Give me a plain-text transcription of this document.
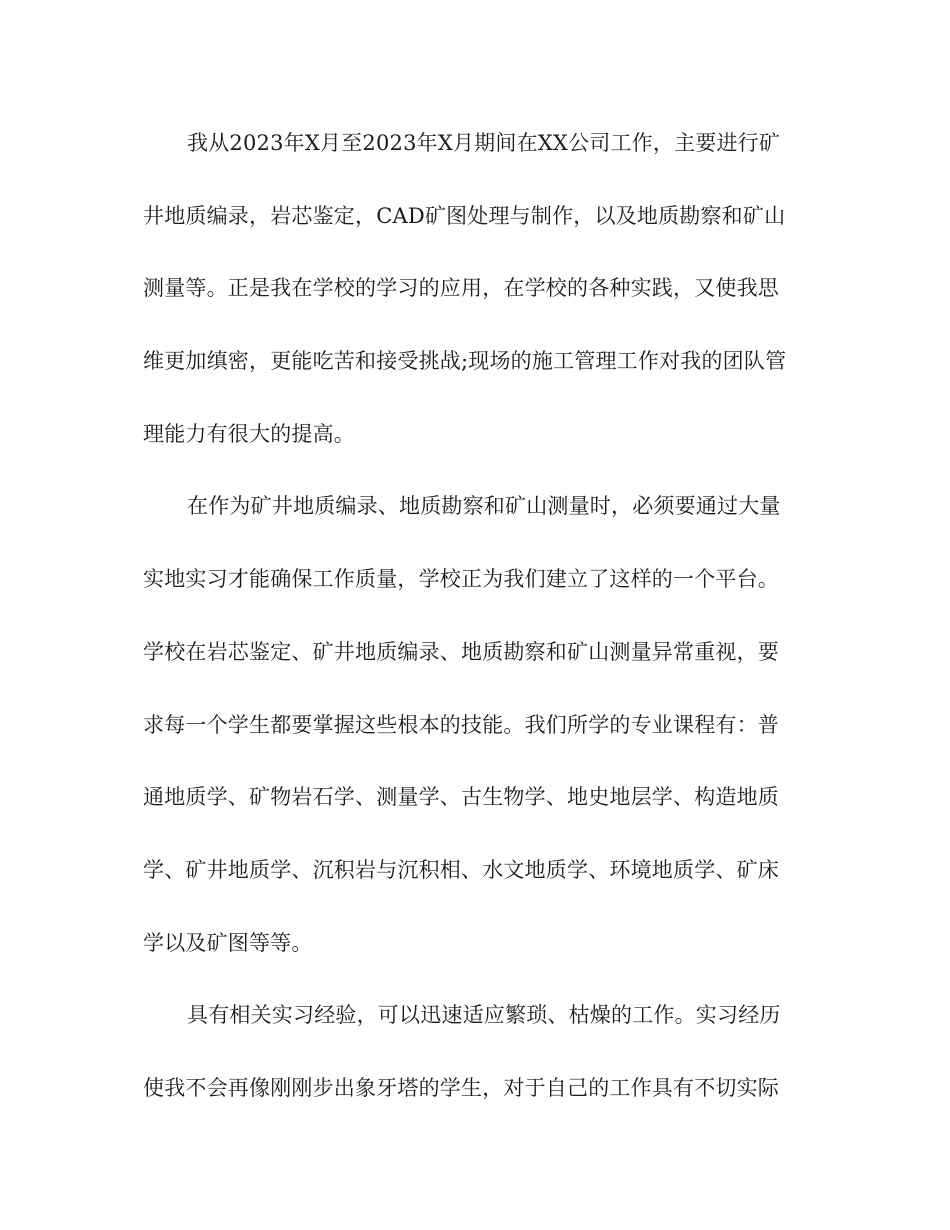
我从2023年X月至2023年X月期间在XX公司工作，主要进行矿
井地质编录，岩芯鉴定，CAD矿图处理与制作，以及地质勘察和矿山
测量等。正是我在学校的学习的应用，在学校的各种实践，又使我思
维更加缜密，更能吃苦和接受挑战;现场的施工管理工作对我的团队管
理能力有很大的提高。

在作为矿井地质编录、地质勘察和矿山测量时，必须要通过大量
实地实习才能确保工作质量，学校正为我们建立了这样的一个平台。
学校在岩芯鉴定、矿井地质编录、地质勘察和矿山测量异常重视，要
求每一个学生都要掌握这些根本的技能。我们所学的专业课程有：普
通地质学、矿物岩石学、测量学、古生物学、地史地层学、构造地质
学、矿井地质学、沉积岩与沉积相、水文地质学、环境地质学、矿床
学以及矿图等等。

具有相关实习经验，可以迅速适应繁琐、枯燥的工作。实习经历
使我不会再像刚刚步出象牙塔的学生，对于自己的工作具有不切实际
